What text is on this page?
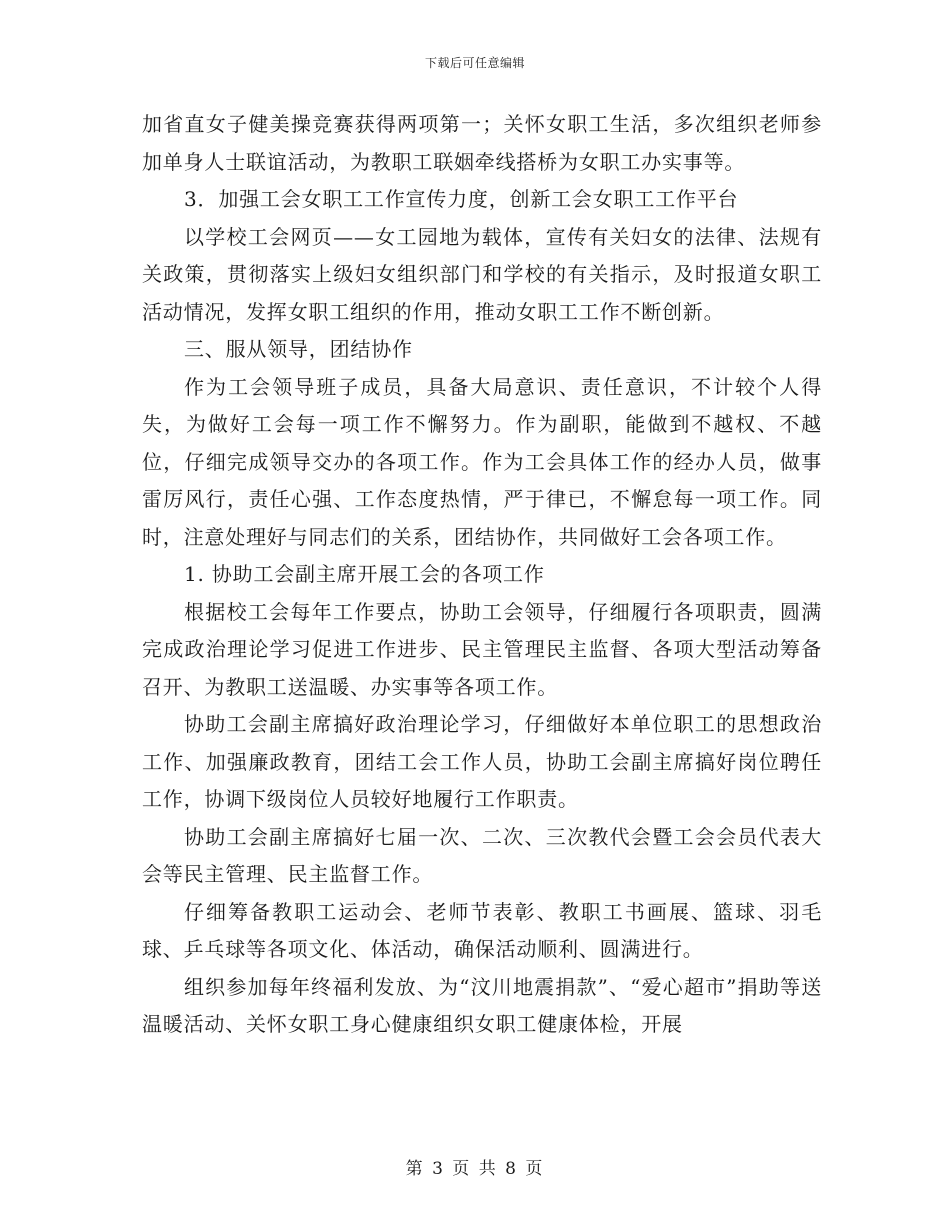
下载后可任意编辑

加省直女子健美操竞赛获得两项第一；关怀女职工生活，多次组织老师参加单身人士联谊活动，为教职工联姻牵线搭桥为女职工办实事等。

3．加强工会女职工工作宣传力度，创新工会女职工工作平台

以学校工会网页——女工园地为载体，宣传有关妇女的法律、法规有关政策，贯彻落实上级妇女组织部门和学校的有关指示，及时报道女职工活动情况，发挥女职工组织的作用，推动女职工工作不断创新。

三、服从领导，团结协作

作为工会领导班子成员，具备大局意识、责任意识，不计较个人得失，为做好工会每一项工作不懈努力。作为副职，能做到不越权、不越位，仔细完成领导交办的各项工作。作为工会具体工作的经办人员，做事雷厉风行，责任心强、工作态度热情，严于律已，不懈怠每一项工作。同时，注意处理好与同志们的关系，团结协作，共同做好工会各项工作。

1. 协助工会副主席开展工会的各项工作

根据校工会每年工作要点，协助工会领导，仔细履行各项职责，圆满完成政治理论学习促进工作进步、民主管理民主监督、各项大型活动筹备召开、为教职工送温暖、办实事等各项工作。

协助工会副主席搞好政治理论学习，仔细做好本单位职工的思想政治工作、加强廉政教育，团结工会工作人员，协助工会副主席搞好岗位聘任工作，协调下级岗位人员较好地履行工作职责。

协助工会副主席搞好七届一次、二次、三次教代会暨工会会员代表大会等民主管理、民主监督工作。

仔细筹备教职工运动会、老师节表彰、教职工书画展、篮球、羽毛球、乒乓球等各项文化、体活动，确保活动顺利、圆满进行。

组织参加每年终福利发放、为“汶川地震捐款”、“爱心超市”捐助等送温暖活动、关怀女职工身心健康组织女职工健康体检，开展

第 3 页 共 8 页
